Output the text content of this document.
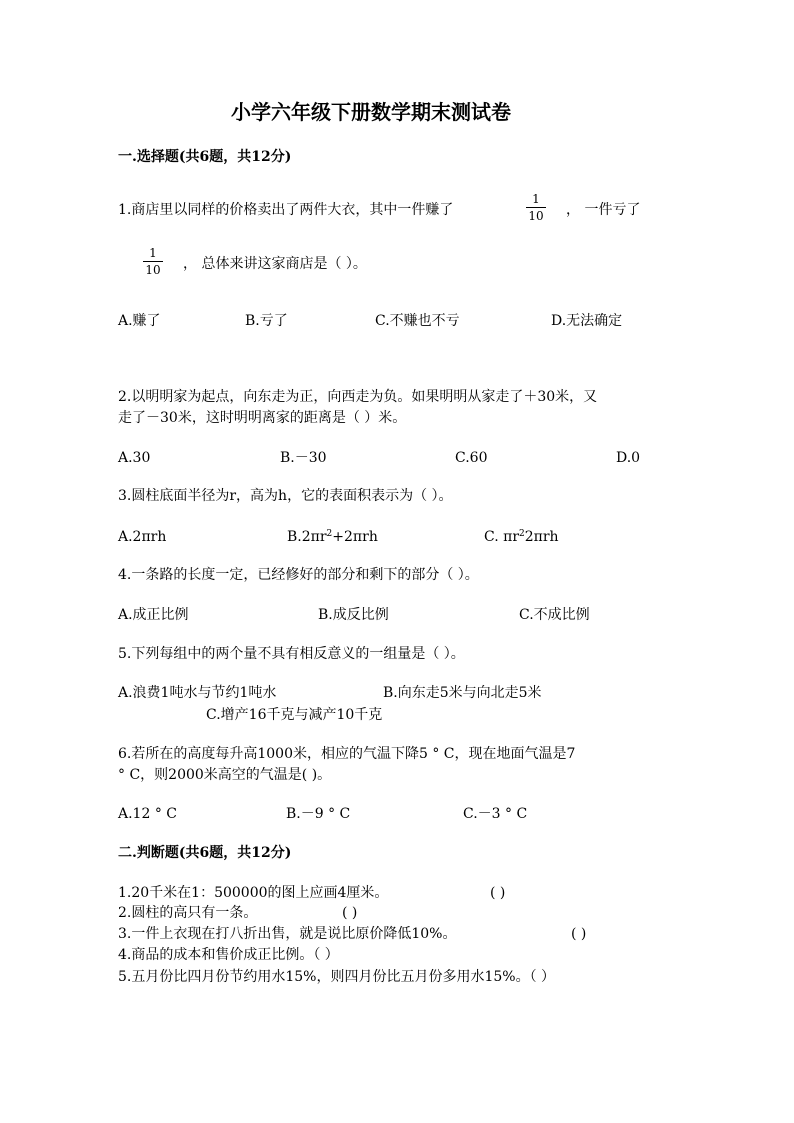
小学六年级下册数学期末测试卷
一.选择题(共6题，共12分)
1.商店里以同样的价格卖出了两件大衣，其中一件赚了
1
10 ， 一件亏了
1
10 ， 总体来讲这家商店是（ ）。
A.赚了	B.亏了	C.不赚也不亏	D.无法确定
2.以明明家为起点，向东走为正，向西走为负。如果明明从家走了＋30米，又
走了－30米，这时明明离家的距离是（ ）米。
A.30	B.－30	C.60	D.0
3.圆柱底面半径为r，高为h，它的表面积表示为（ ）。
A.2πrh	$B.2\pi r^2+2\pi rh$	C. $\pi r^22\pi rh$
4.一条路的长度一定，已经修好的部分和剩下的部分（ ）。
A.成正比例	B.成反比例	C.不成比例
5.下列每组中的两个量不具有相反意义的一组量是（ ）。
A.浪费1吨水与节约1吨水	B.向东走5米与向北走5米
C.增产16千克与减产10千克
6.若所在的高度每升高1000米，相应的气温下降5 ° C，现在地面气温是7
° C，则2000米高空的气温是( )。
A.12 ° C	B.－9 ° C	C.－3 ° C
二.判断题(共6题，共12分)
1.20千米在1：500000的图上应画4厘米。	( )
2.圆柱的高只有一条。	( )
3.一件上衣现在打八折出售，就是说比原价降低10%。	( )
4.商品的成本和售价成正比例。（ ）
5.五月份比四月份节约用水15%，则四月份比五月份多用水15%。（ ）
